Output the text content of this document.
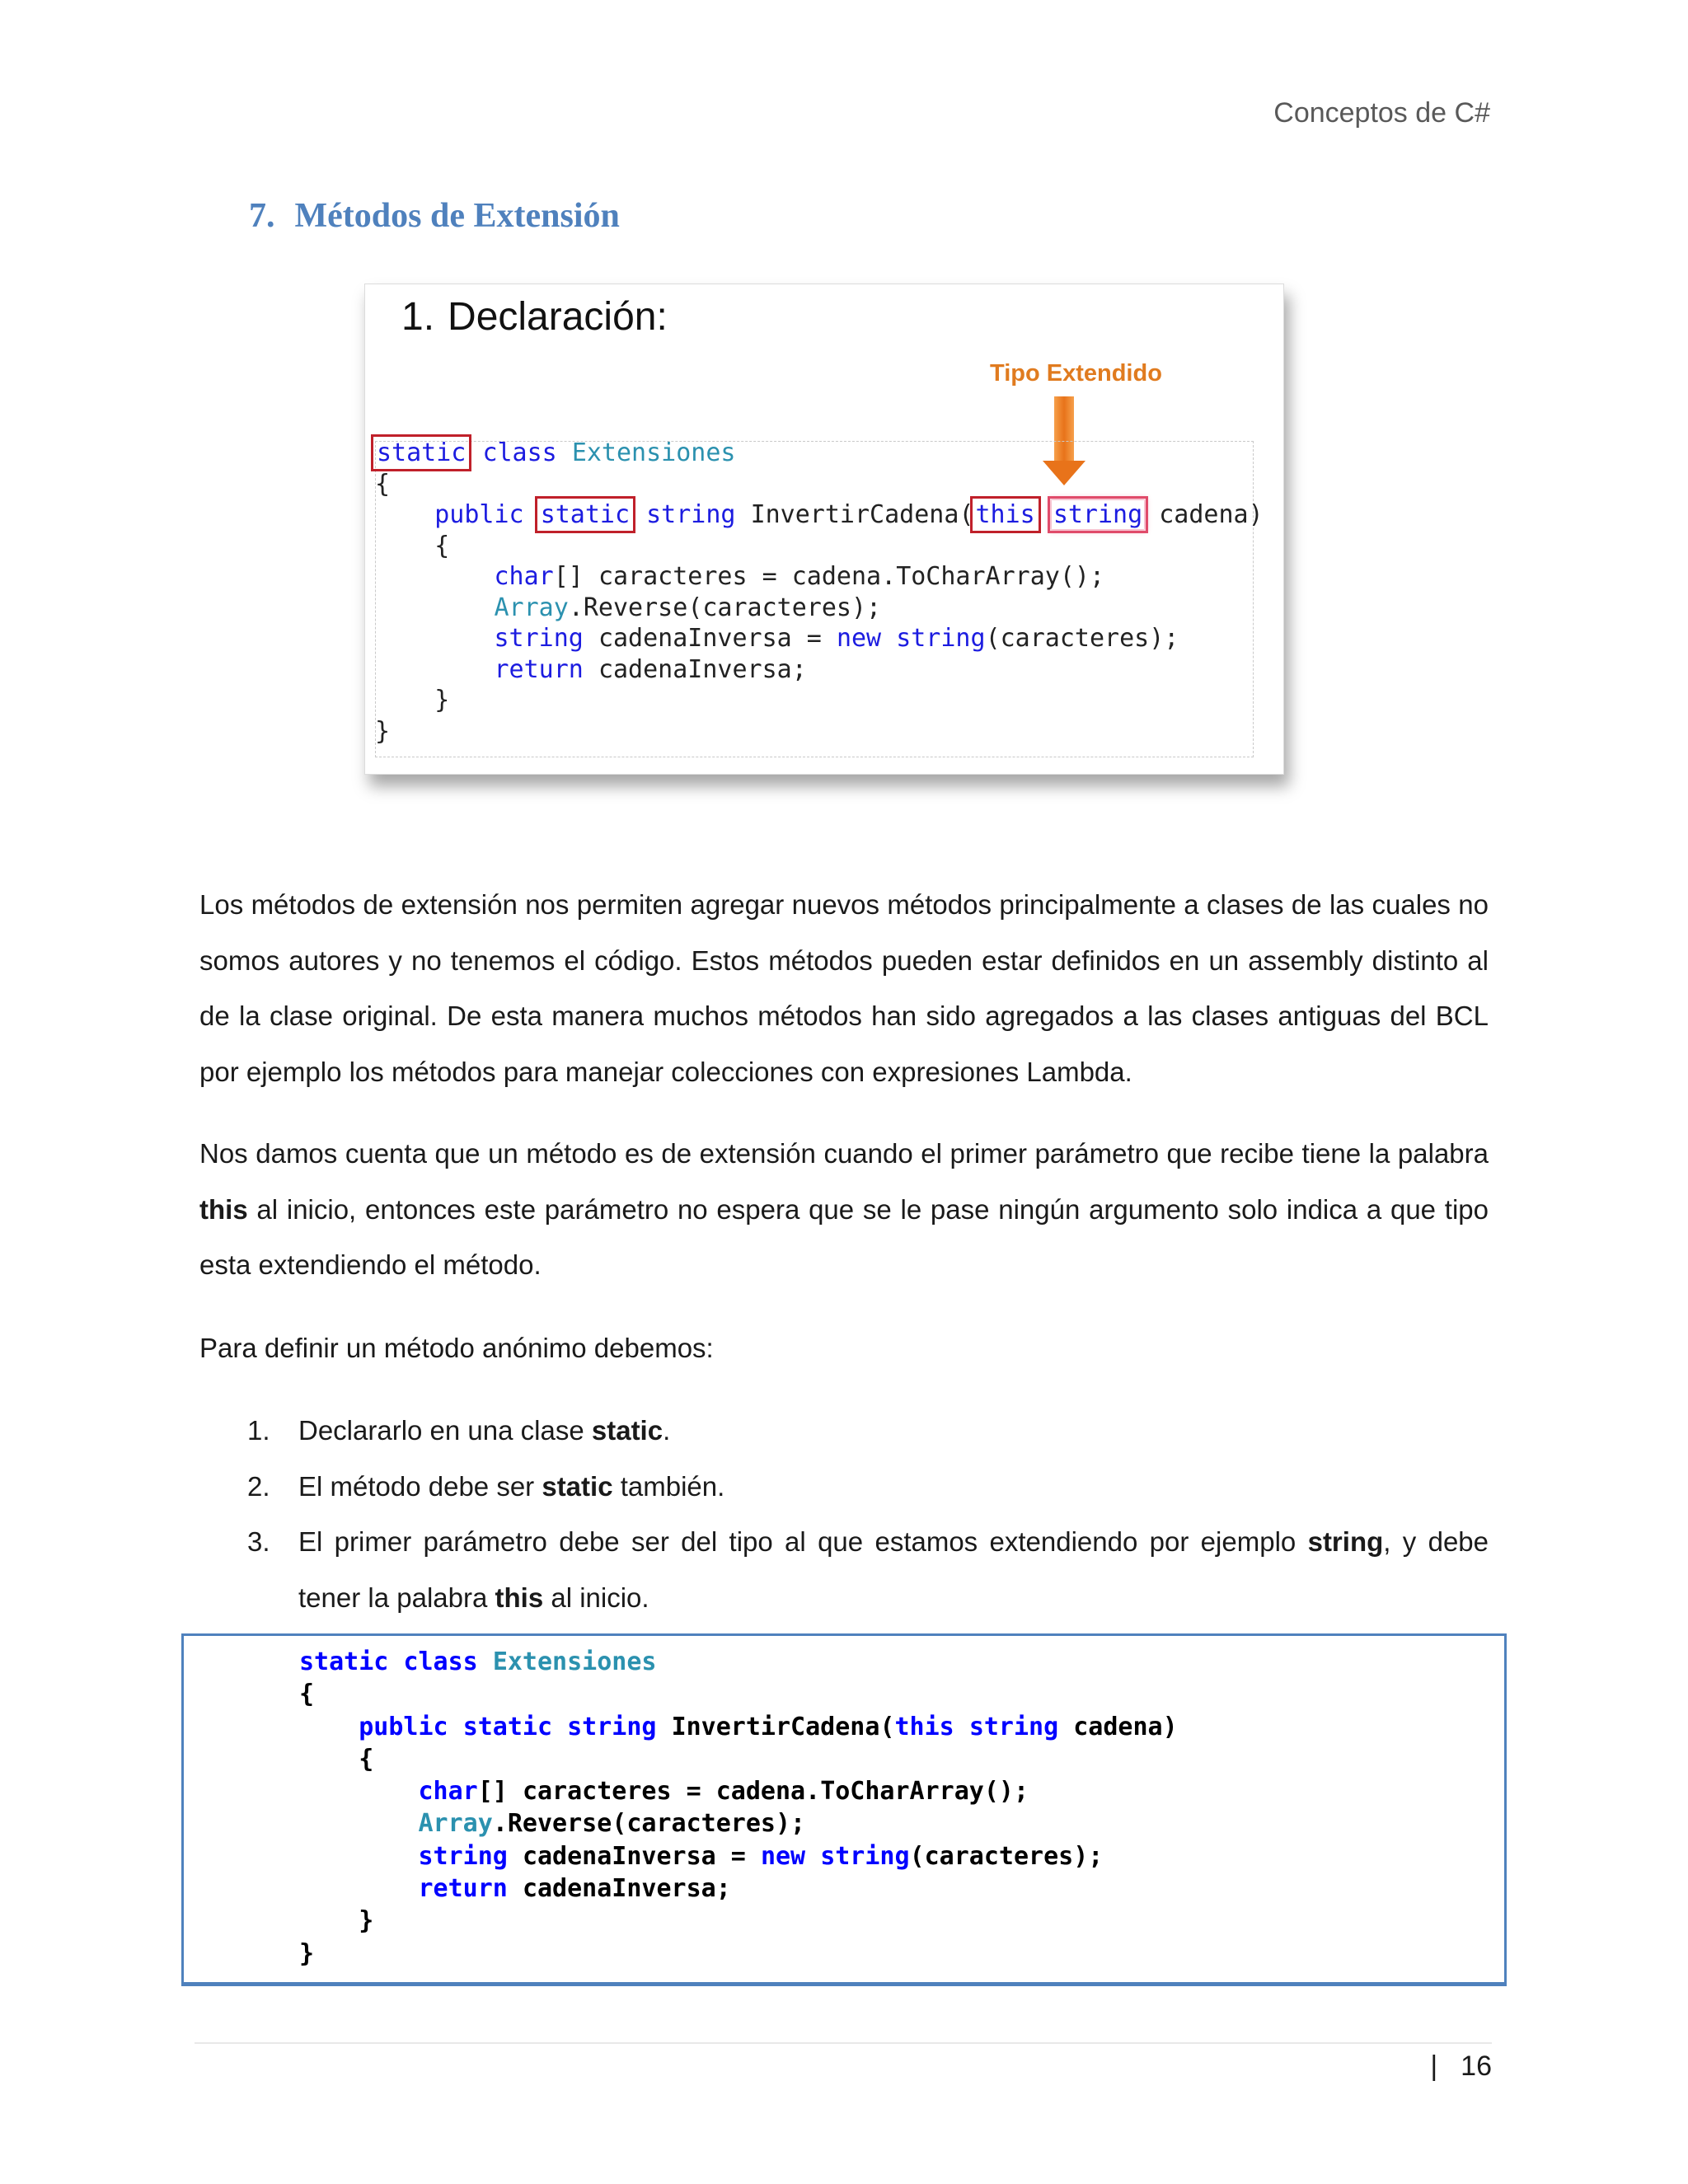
Conceptos de C#
7. Métodos de Extensión
1. Declaración:
Tipo Extendido
static class Extensiones
{
public static string InvertirCadena(this string cadena)
{
char[] caracteres = cadena.ToCharArray();
Array.Reverse(caracteres);
string cadenaInversa = new string(caracteres);
return cadenaInversa;
}
}

Los métodos de extensión nos permiten agregar nuevos métodos principalmente a clases de las cuales no somos autores y no tenemos el código. Estos métodos pueden estar definidos en un assembly distinto al de la clase original. De esta manera muchos métodos han sido agregados a las clases antiguas del BCL por ejemplo los métodos para manejar colecciones con expresiones Lambda.

Nos damos cuenta que un método es de extensión cuando el primer parámetro que recibe tiene la palabra this al inicio, entonces este parámetro no espera que se le pase ningún argumento solo indica a que tipo esta extendiendo el método.

Para definir un método anónimo debemos:

1. Declararlo en una clase static.
2. El método debe ser static también.
3. El primer parámetro debe ser del tipo al que estamos extendiendo por ejemplo string, y debe tener la palabra this al inicio.
static class Extensiones
{
public static string InvertirCadena(this string cadena)
{
char[] caracteres = cadena.ToCharArray();
Array.Reverse(caracteres);
string cadenaInversa = new string(caracteres);
return cadenaInversa;
}
}
| 16
